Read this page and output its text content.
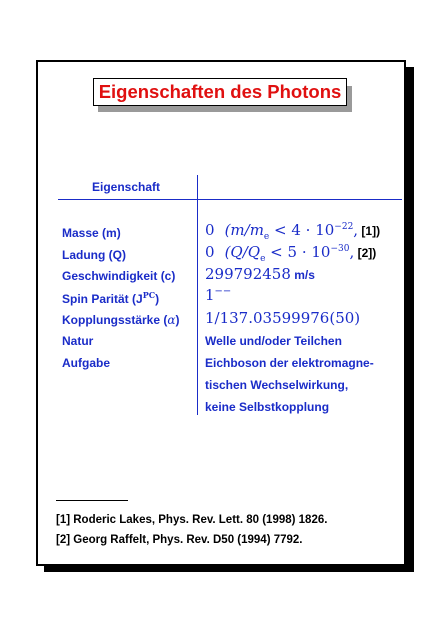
Eigenschaften des Photons
Eigenschaft
Masse (m)	0 ($m/m_e < 4 \cdot 10^{-22}$, [1])
Ladung (Q)	0 ($Q/Q_e < 5 \cdot 10^{-30}$, [2])
Geschwindigkeit (c) 299792458 m/s
Spin Parität $(J^{PC})$	1−−
Kopplungsstärke (α) 1/137.03599976(50)
Natur	Welle und/oder Teilchen
Aufgabe	Eichboson der elektromagne-
tischen Wechselwirkung,
keine Selbstkopplung
[1] Roderic Lakes, Phys. Rev. Lett. 80 (1998) 1826.
[2] Georg Raffelt, Phys. Rev. D50 (1994) 7792.
